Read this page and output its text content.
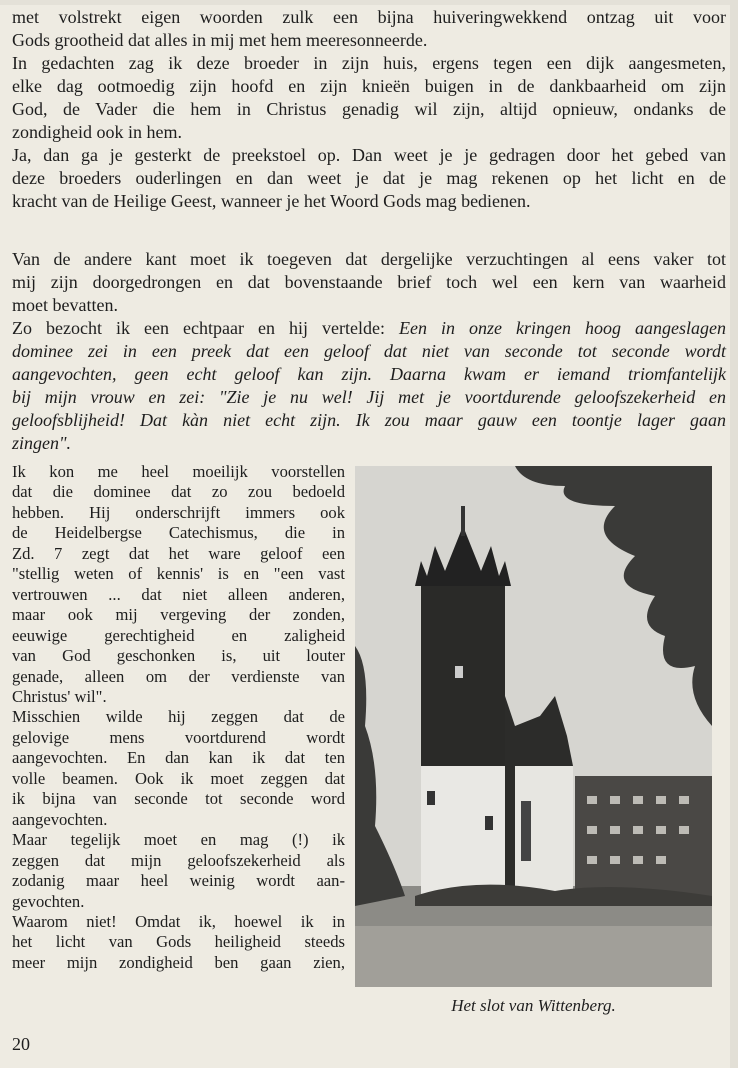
met volstrekt eigen woorden zulk een bijna huiveringwekkend ontzag uit voor
Gods grootheid dat alles in mij met hem meeresonneerde.
In gedachten zag ik deze broeder in zijn huis, ergens tegen een dijk aangesmeten,
elke dag ootmoedig zijn hoofd en zijn knieën buigen in de dankbaarheid om zijn
God, de Vader die hem in Christus genadig wil zijn, altijd opnieuw, ondanks de
zondigheid ook in hem.
Ja, dan ga je gesterkt de preekstoel op. Dan weet je je gedragen door het gebed van
deze broeders ouderlingen en dan weet je dat je mag rekenen op het licht en de
kracht van de Heilige Geest, wanneer je het Woord Gods mag bedienen.
Van de andere kant moet ik toegeven dat dergelijke verzuchtingen al eens vaker tot
mij zijn doorgedrongen en dat bovenstaande brief toch wel een kern van waarheid
moet bevatten.
Zo bezocht ik een echtpaar en hij vertelde: Een in onze kringen hoog aangeslagen
dominee zei in een preek dat een geloof dat niet van seconde tot seconde wordt
aangevochten, geen echt geloof kan zijn. Daarna kwam er iemand triomfantelijk
bij mijn vrouw en zei: "Zie je nu wel! Jij met je voortdurende geloofszekerheid en
geloofsblijheid! Dat kàn niet echt zijn. Ik zou maar gauw een toontje lager gaan
zingen".
Ik kon me heel moeilijk voorstellen
dat die dominee dat zo zou bedoeld
hebben. Hij onderschrijft immers ook
de Heidelbergse Catechismus, die in
Zd. 7 zegt dat het ware geloof een
"stellig weten of kennis' is en "een vast
vertrouwen ... dat niet alleen anderen,
maar ook mij vergeving der zonden,
eeuwige gerechtigheid en zaligheid
van God geschonken is, uit louter
genade, alleen om der verdienste van
Christus' wil".
Misschien wilde hij zeggen dat de
gelovige mens voortdurend wordt
aangevochten. En dan kan ik dat ten
volle beamen. Ook ik moet zeggen dat
ik bijna van seconde tot seconde word
aangevochten.
Maar tegelijk moet en mag (!) ik
zeggen dat mijn geloofszekerheid als
zodanig maar heel weinig wordt aan-
gevochten.
Waarom niet! Omdat ik, hoewel ik in
het licht van Gods heiligheid steeds
meer mijn zondigheid ben gaan zien,
Het slot van Wittenberg.
20
